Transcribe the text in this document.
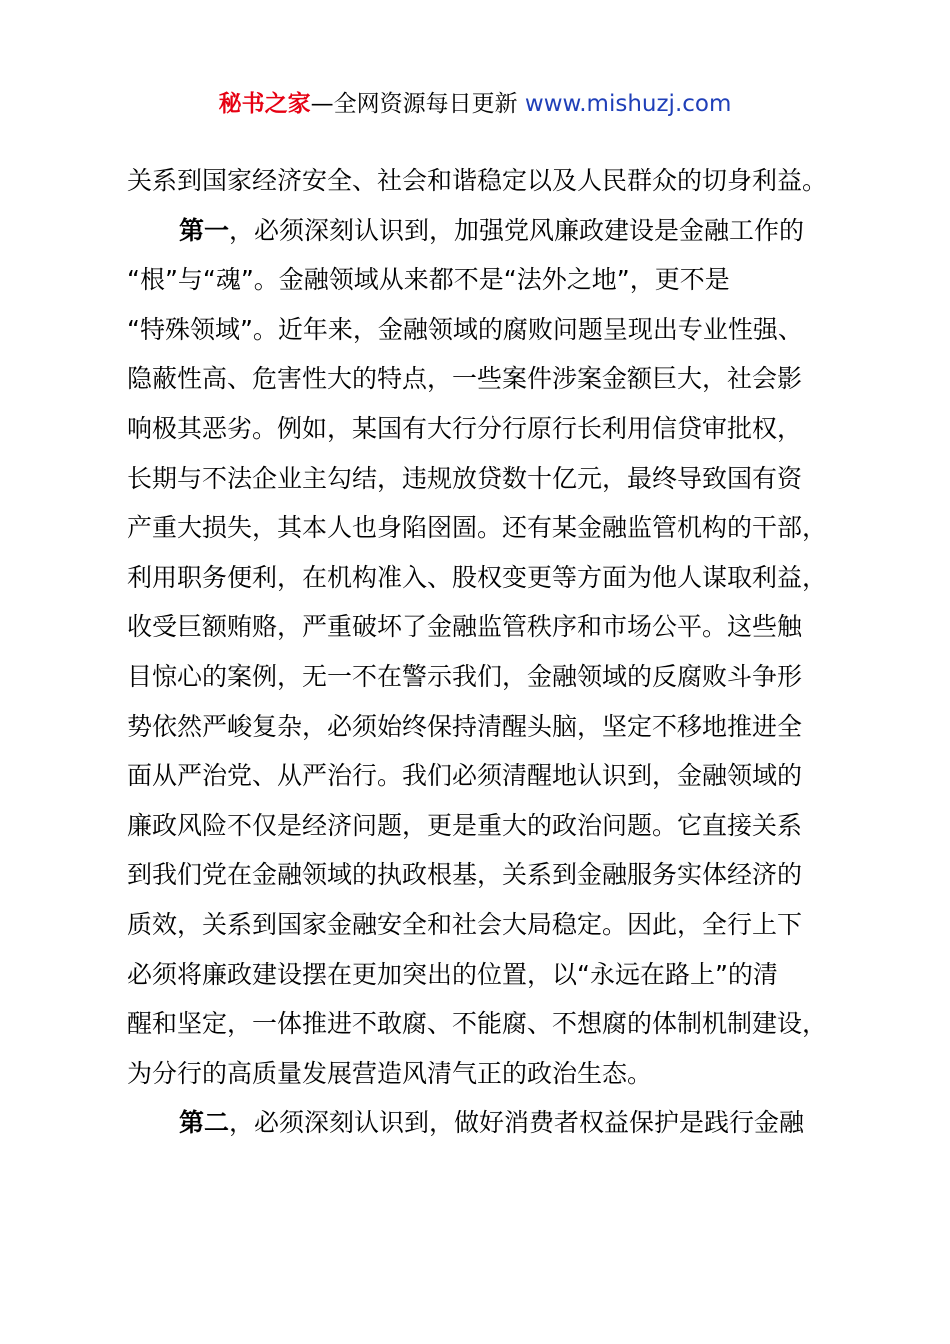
秘书之家—全网资源每日更新 www.mishuzj.com
关系到国家经济安全、社会和谐稳定以及人民群众的切身利益。
第一，必须深刻认识到，加强党风廉政建设是金融工作的
“根”与“魂”。金融领域从来都不是“法外之地”，更不是
“特殊领域”。近年来，金融领域的腐败问题呈现出专业性强、
隐蔽性高、危害性大的特点，一些案件涉案金额巨大，社会影
响极其恶劣。例如，某国有大行分行原行长利用信贷审批权，
长期与不法企业主勾结，违规放贷数十亿元，最终导致国有资
产重大损失，其本人也身陷囹圄。还有某金融监管机构的干部，
利用职务便利，在机构准入、股权变更等方面为他人谋取利益，
收受巨额贿赂，严重破坏了金融监管秩序和市场公平。这些触
目惊心的案例，无一不在警示我们，金融领域的反腐败斗争形
势依然严峻复杂，必须始终保持清醒头脑，坚定不移地推进全
面从严治党、从严治行。我们必须清醒地认识到，金融领域的
廉政风险不仅是经济问题，更是重大的政治问题。它直接关系
到我们党在金融领域的执政根基，关系到金融服务实体经济的
质效，关系到国家金融安全和社会大局稳定。因此，全行上下
必须将廉政建设摆在更加突出的位置，以“永远在路上”的清
醒和坚定，一体推进不敢腐、不能腐、不想腐的体制机制建设，
为分行的高质量发展营造风清气正的政治生态。
第二，必须深刻认识到，做好消费者权益保护是践行金融
